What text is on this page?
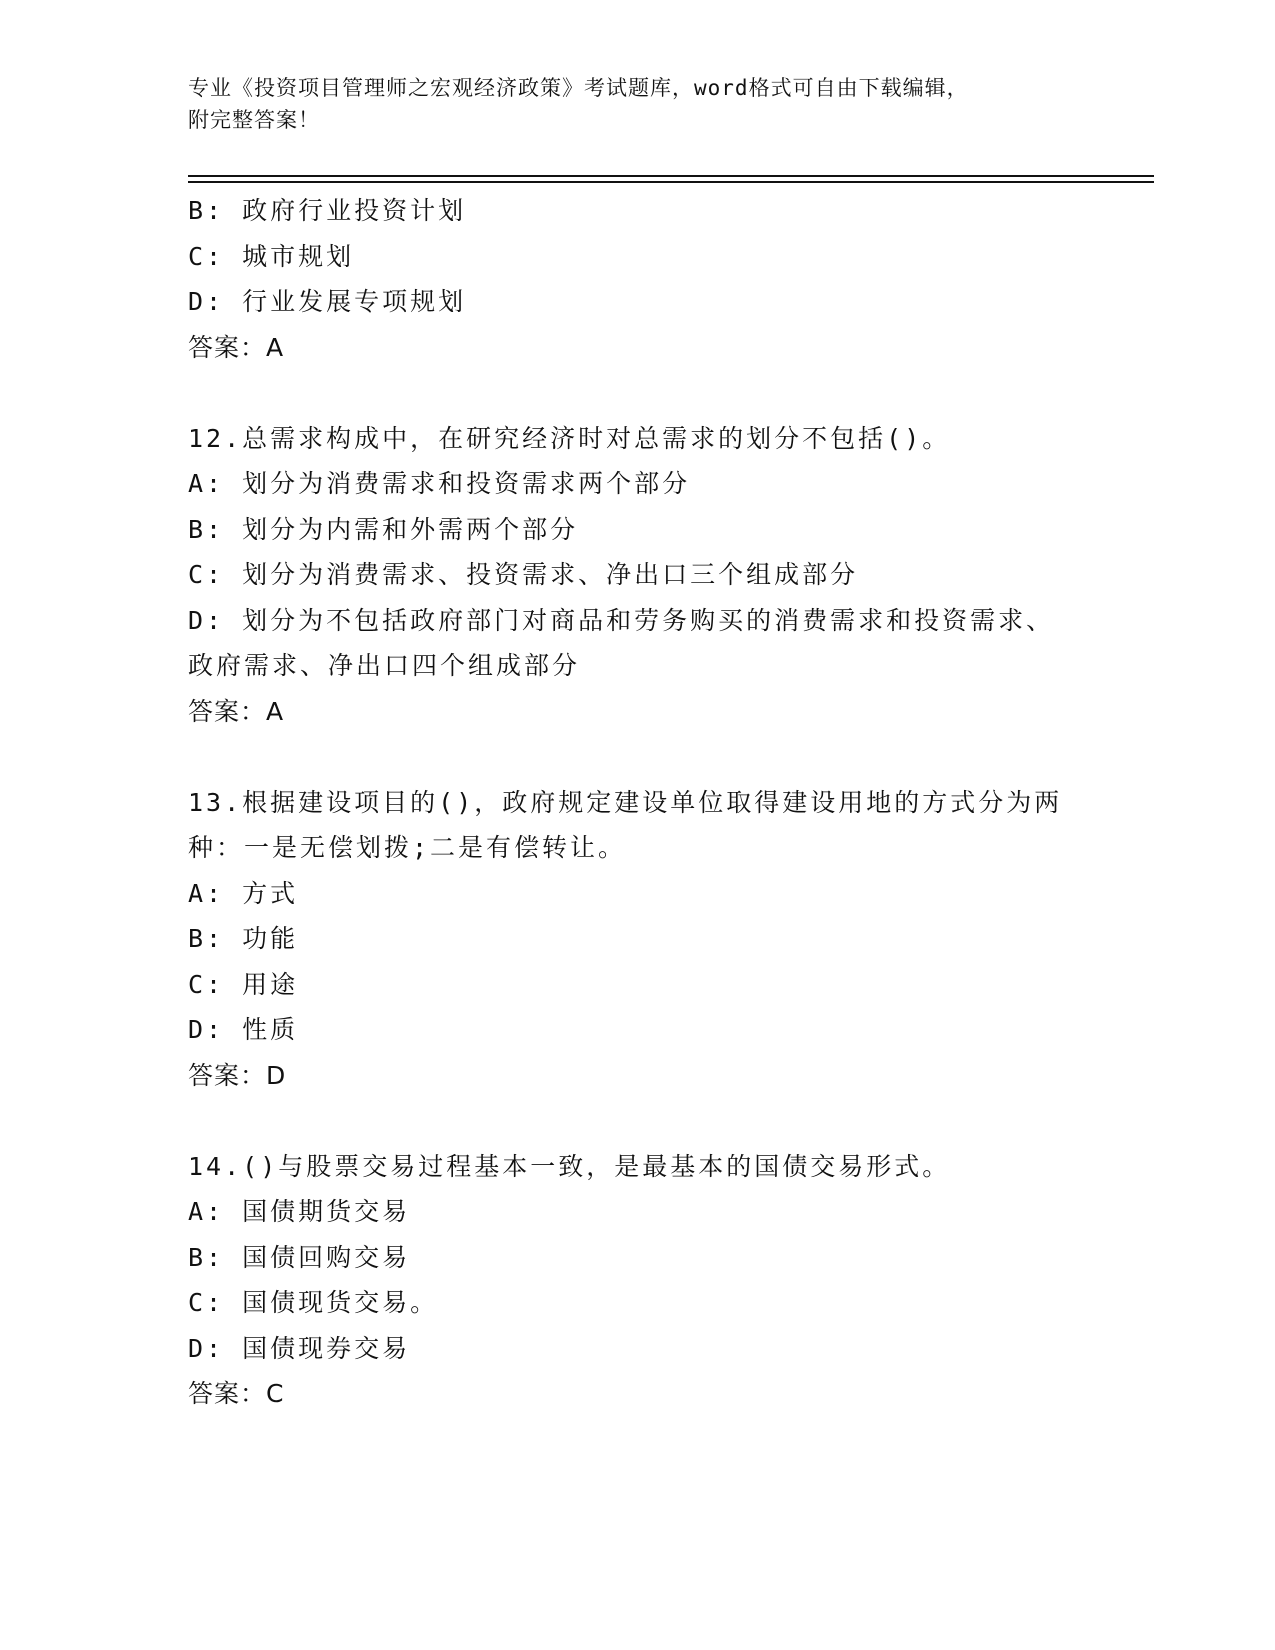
专业《投资项目管理师之宏观经济政策》考试题库，word格式可自由下载编辑，
附完整答案！
B: 政府行业投资计划
C: 城市规划
D: 行业发展专项规划
答案：A
12.总需求构成中，在研究经济时对总需求的划分不包括()。
A: 划分为消费需求和投资需求两个部分
B: 划分为内需和外需两个部分
C: 划分为消费需求、投资需求、净出口三个组成部分
D: 划分为不包括政府部门对商品和劳务购买的消费需求和投资需求、
政府需求、净出口四个组成部分
答案：A
13.根据建设项目的()，政府规定建设单位取得建设用地的方式分为两
种：一是无偿划拨;二是有偿转让。
A: 方式
B: 功能
C: 用途
D: 性质
答案：D
14.()与股票交易过程基本一致，是最基本的国债交易形式。
A: 国债期货交易
B: 国债回购交易
C: 国债现货交易。
D: 国债现券交易
答案：C
